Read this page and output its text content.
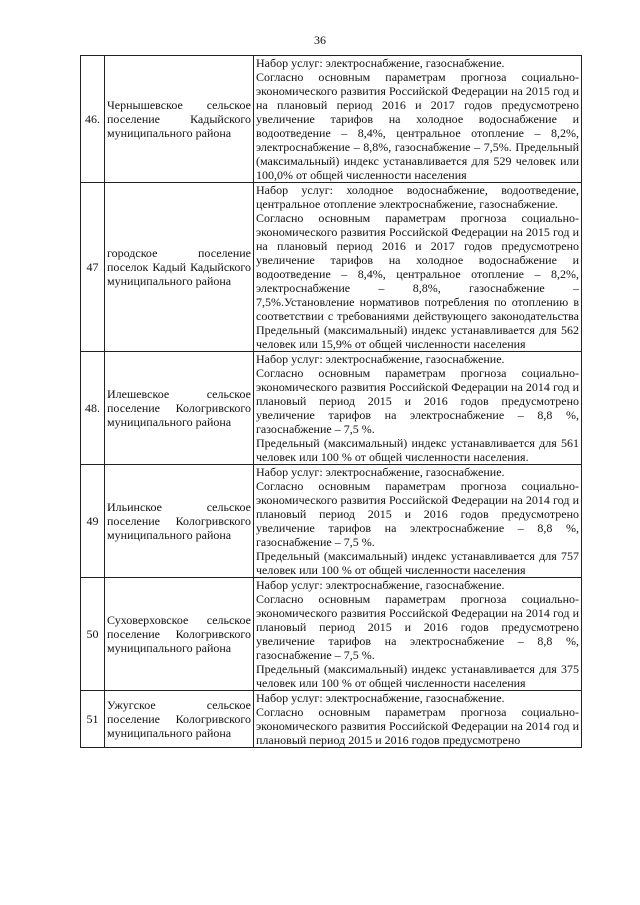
36
46.	Чернышевское сельское поселение Кадыйского муниципального района	Набор услуг: электроснабжение, газоснабжение.

Согласно основным параметрам прогноза социально-экономического развития Российской Федерации на 2015 год и на плановый период 2016 и 2017 годов предусмотрено увеличение тарифов на холодное водоснабжение и водоотведение – 8,4%, центральное отопление – 8,2%, электроснабжение – 8,8%, газоснабжение – 7,5%. Предельный (максимальный) индекс устанавливается для 529 человек или 100,0% от общей численности населения

47	городское поселение поселок Кадый Кадыйского муниципального района	Набор услуг: холодное водоснабжение, водоотведение, центральное отопление электроснабжение, газоснабжение.

Согласно основным параметрам прогноза социально-экономического развития Российской Федерации на 2015 год и на плановый период 2016 и 2017 годов предусмотрено увеличение тарифов на холодное водоснабжение и водоотведение – 8,4%, центральное отопление – 8,2%, электроснабжение – 8,8%, газоснабжение – 7,5%.Установление нормативов потребления по отоплению в соответствии с требованиями действующего законодательства Предельный (максимальный) индекс устанавливается для 562 человек или 15,9% от общей численности населения

48.	Илешевское сельское поселение Кологривского муниципального района	Набор услуг: электроснабжение, газоснабжение.

Согласно основным параметрам прогноза социально-экономического развития Российской Федерации на 2014 год и плановый период 2015 и 2016 годов предусмотрено увеличение тарифов на электроснабжение – 8,8 %, газоснабжение – 7,5 %.

Предельный (максимальный) индекс устанавливается для 561 человек или 100 % от общей численности населения.

49	Ильинское сельское поселение Кологривского муниципального района	Набор услуг: электроснабжение, газоснабжение.

Согласно основным параметрам прогноза социально-экономического развития Российской Федерации на 2014 год и плановый период 2015 и 2016 годов предусмотрено увеличение тарифов на электроснабжение – 8,8 %, газоснабжение – 7,5 %.

Предельный (максимальный) индекс устанавливается для 757 человек или 100 % от общей численности населения

50	Суховерховское сельское поселение Кологривского муниципального района	Набор услуг: электроснабжение, газоснабжение.

Согласно основным параметрам прогноза социально-экономического развития Российской Федерации на 2014 год и плановый период 2015 и 2016 годов предусмотрено увеличение тарифов на электроснабжение – 8,8 %, газоснабжение – 7,5 %.

Предельный (максимальный) индекс устанавливается для 375 человек или 100 % от общей численности населения

51	Ужугское сельское поселение Кологривского муниципального района	Набор услуг: электроснабжение, газоснабжение.

Согласно основным параметрам прогноза социально-экономического развития Российской Федерации на 2014 год и плановый период 2015 и 2016 годов предусмотрено
